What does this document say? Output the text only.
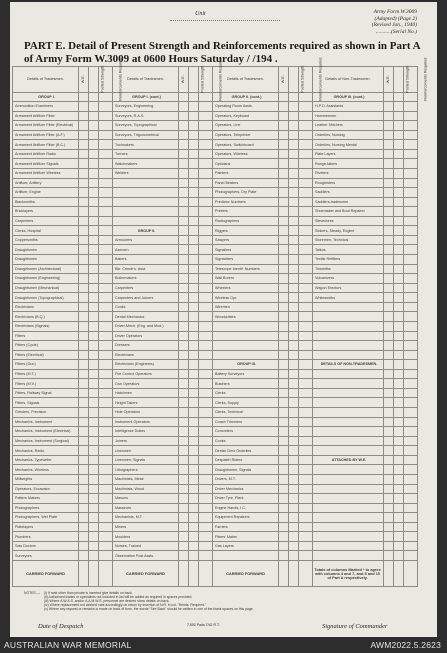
Unit	Army Form W.3009
(Adapted) (Page 2)
(Revised Jan., 1940)
...........(Serial No.)
PART E. Detail of Present Strength and Reinforcements required as shown in Part A of Army Form W.3009 at 0600 Hours Saturday / /194 .
NOTES.— (i) If rank other than private is inserted give details on back.
(ii) Authorised trades or specialists not included in list will be added as required in spaces provided.
(iii) Where A.W.A.S. and/or A.A.M.W.S. personnel are desired show details on back.
(iv) Where replacement not desired note accordingly on return by insertion of N.R. in col. "Reinfs. Required."
(v) Where any request or remarks is made on back of form, the words "See Back" should be written in one of the blank spaces on this page.
Date of Despatch	7,500 Pads 7/42 R.T.	Signature of Commander
Details of Tradesmen.	W.E.	Posted Strength	Reinforcements Required	Details of Tradesmen.	W.E.	Posted Strength	Reinforcements Required	Details of Tradesmen.	W.E.	Posted Strength	Reinforcements Required	Details of Non-Tradesmen.	W.E.	Posted Strength	Reinforcements Required
GROUP I.				GROUP I. (cont.)				GROUP II. (cont.)				GROUP III. (cont.)			
Ammunition Examiners				Surveyors, Engineering				Operating Room Assts.				H.P.O. Assistants			
Armament Artificer Fitter				Surveyors, R.A.S.				Operators, Keyboard				Hammermen			
Armament Artificer Fitter (Electrical)				Surveyors, Topographical				Operators, Line				Leather Stitchers			
Armament Artificer Fitter (A.F.)				Surveyors, Trigonometrical				Operators, Teleprinter				Orderlies, Nursing			
Armament Artificer Fitter (B.C.)				Toolmakers				Operators, Switchboard				Orderlies, Nursing Mental			
Armament Artificer Radio				Turners				Operators, Wireless				Plate Layers			
Armament Artificer Signals				Watchmakers				Opticians				Range-takers			
Armament Artificer Wireless				Welders				Painters				Riveters			
Artificer, Artillery								Panel Beaters				Roughriders			
Artificer, Engine								Photographers, Dry Plate				Saddlers			
Blacksmiths								Predictor Numbers				Saddlers-tradesmen			
Bricklayers								Printers				Shoemaker and Boot Repairer			
Carpenters								Radiographers				Stevedores			
Clerks, Hospital				GROUP II.				Riggers				Stokers, Steady, Engine			
Coppersmiths				Armourers				Sawyers				Storemen, Technical			
Draughtsmen				Axemen				Signallers				Tailors			
Draughtsmen				Bakers				Signwriters				Textile Refitters			
Draughtsmen (Architectural)				Bkr. Cmndr's. Asst.				Telescope Identif. Numbers				Tinsmiths			
Draughtsmen (Engineering)				Boilermakers				Wall Borers				Vulcanizers			
Draughtsmen (Mechanical)				Carpenters				Wheelers				Wagon Erectors			
Draughtsmen (Topographical)				Carpenters and Joiners				Wireless Opr.				Whitesmiths			
Electricians				Cooks				Wiremen							
Electricians (B.Q.)				Dental Mechanics				Woodcutters							
Electricians (Signals)				Driver-Mech. (Eng. and Mod.)											
Fitters				Driver Operators											
Fitters (Cycle)				Dressers											
Fitters (Electrical)				Electricians											
Fitters (Gun)				Electricians (Engineers)				GROUP III.				DETAILS OF NON-TRADESMEN.			
Fitters (M.T.)				Fire Control Operators				Battery Surveyors							
Fitters (M.V.)				Gun Operators				Butchers							
Fitters, Railway Signal				Hatchmen				Clerks							
Fitters, Signals				Height Takers				Clerks, Supply							
Grinders, Precision				Hole Operators				Clerks, Technical							
Mechanics, Instrument				Instrument Operators				Coach Trimmers							
Mechanics, Instrument (Electrical)				Intelligence Duties				Concreters							
Mechanics, Instrument (Surgical)				Joiners				Cooks							
Mechanics, Radio				Linesmen				Dental Clerk Orderlies							
Mechanics, Typewriter				Linesmen, Signals				Despatch Riders				ATTACHED BY W.E.			
Mechanics, Wireless				Lithographers				Draughtsmen, Signals							
Millwrights				Machinists, Metal				Drivers, M.T.							
Operators, Excavator				Machinists, Wood				Driver Mechanics							
Pattern Makers				Masons				Driver Tyre, Plant							
Photographers				Masseurs				Engine Hands, I.C.							
Photographers, Wet Plate				Mechanists, M.T.				Equipment Repairers							
Platelayers				Miners				Farriers							
Plumbers				Moulders				Fitters' Mates							
Saw Doctors				Nurses, Trained				Gas Layers							
Surveyors				Observation Post Assts.											
CARRIED FORWARD				CARRIED FORWARD				CARRIED FORWARD				Totals of columns Marked * to agree with columns 4 and 7, and 5 and 10 of Part A respectively.			
AUSTRALIAN WAR MEMORIAL	AWM2022.5.2623
